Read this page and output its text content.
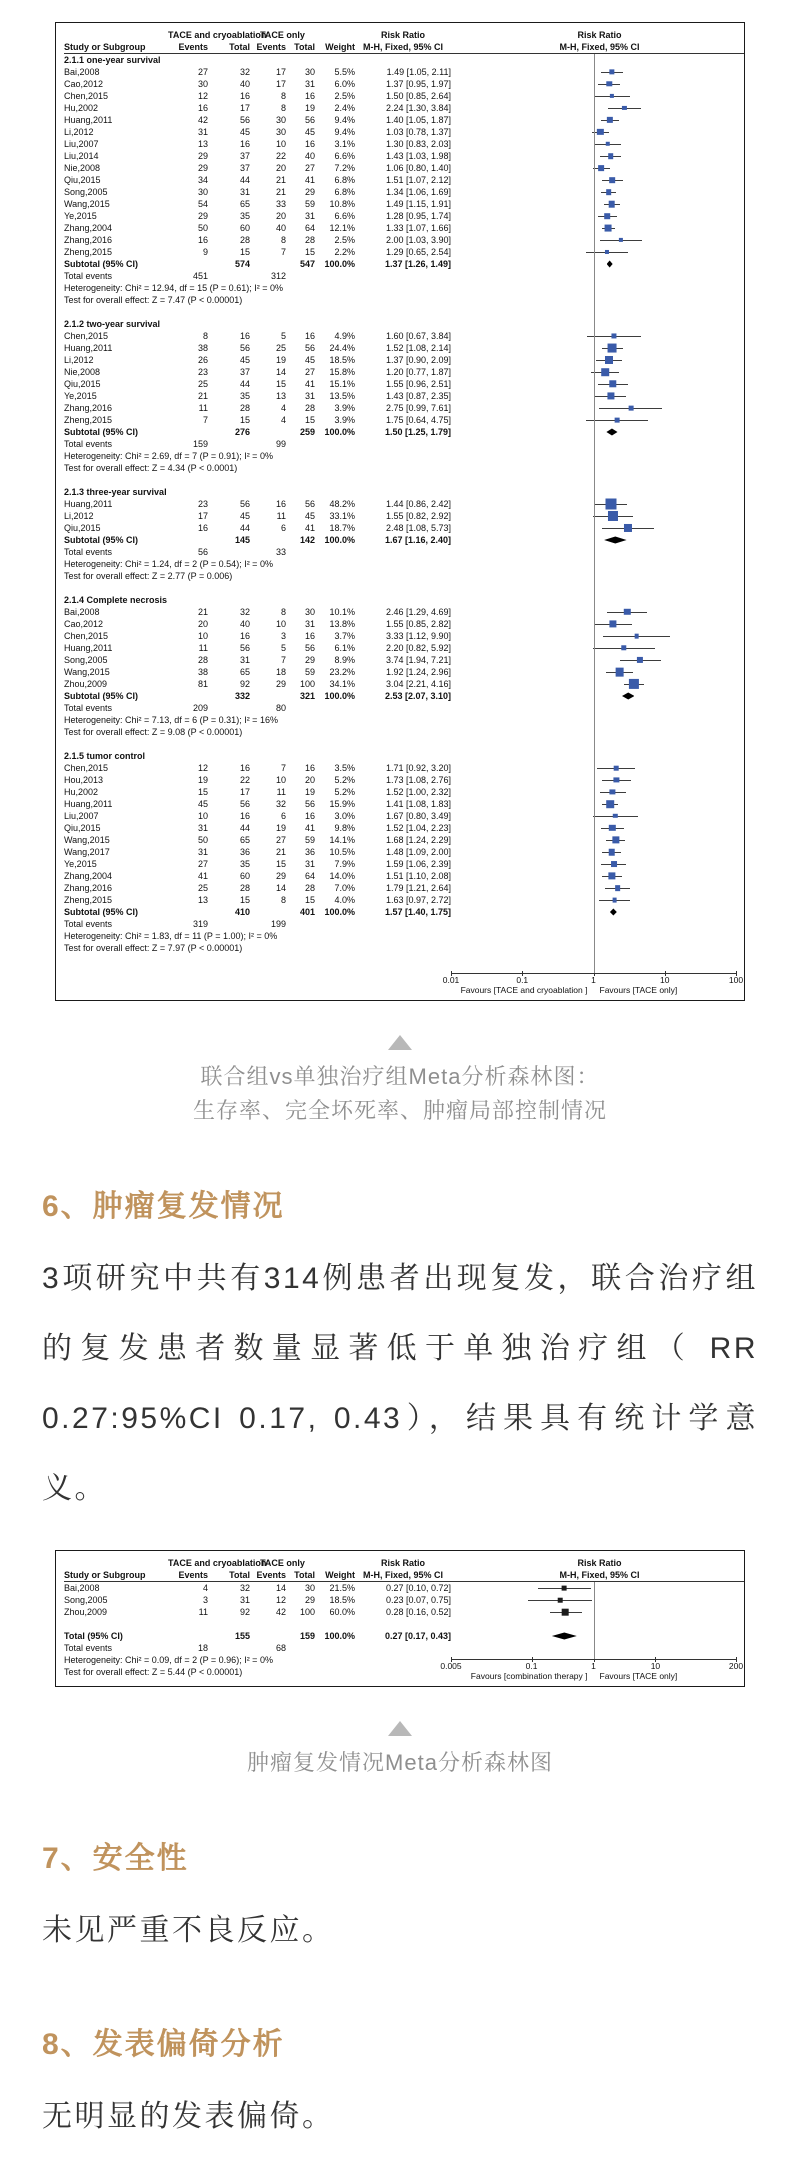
TACE and cryoablation
TACE only	Risk Ratio	Risk Ratio
Study or Subgroup	Events	Total Events Total	Weight M-H, Fixed, 95% CI	M-H, Fixed, 95% CI
2.1.1 one-year survival
Bai,2008	27	32	17	30	5.5%	1.49 [1.05, 2.11]
Cao,2012	30	40	17	31	6.0%	1.37 [0.95, 1.97]
Chen,2015	12	16	8	16	2.5%	1.50 [0.85, 2.64]
Hu,2002	16	17	8	19	2.4%	2.24 [1.30, 3.84]
Huang,2011	42	56	30	56	9.4%	1.40 [1.05, 1.87]
Li,2012	31	45	30	45	9.4%	1.03 [0.78, 1.37]
Liu,2007	13	16	10	16	3.1%	1.30 [0.83, 2.03]
Liu,2014	29	37	22	40	6.6%	1.43 [1.03, 1.98]
Nie,2008	29	37	20	27	7.2%	1.06 [0.80, 1.40]
Qiu,2015	34	44	21	41	6.8%	1.51 [1.07, 2.12]
Song,2005	30	31	21	29	6.8%	1.34 [1.06, 1.69]
Wang,2015	54	65	33	59	10.8%	1.49 [1.15, 1.91]
Ye,2015	29	35	20	31	6.6%	1.28 [0.95, 1.74]
Zhang,2004	50	60	40	64	12.1%	1.33 [1.07, 1.66]
Zhang,2016	16	28	8	28	2.5%	2.00 [1.03, 3.90]
Zheng,2015	9	15	7	15	2.2%	1.29 [0.65, 2.54]
Subtotal (95% CI)	574	547	100.0%	1.37 [1.26, 1.49]
Total events	451	312
Heterogeneity: Chi² = 12.94, df = 15 (P = 0.61); I² = 0%
Test for overall effect: Z = 7.47 (P < 0.00001)
2.1.2 two-year survival
Chen,2015	8	16	5	16	4.9%	1.60 [0.67, 3.84]
Huang,2011	38	56	25	56	24.4%	1.52 [1.08, 2.14]
Li,2012	26	45	19	45	18.5%	1.37 [0.90, 2.09]
Nie,2008	23	37	14	27	15.8%	1.20 [0.77, 1.87]
Qiu,2015	25	44	15	41	15.1%	1.55 [0.96, 2.51]
Ye,2015	21	35	13	31	13.5%	1.43 [0.87, 2.35]
Zhang,2016	11	28	4	28	3.9%	2.75 [0.99, 7.61]
Zheng,2015	7	15	4	15	3.9%	1.75 [0.64, 4.75]
Subtotal (95% CI)	276	259	100.0%	1.50 [1.25, 1.79]
Total events	159	99
Heterogeneity: Chi² = 2.69, df = 7 (P = 0.91); I² = 0%
Test for overall effect: Z = 4.34 (P < 0.0001)
2.1.3 three-year survival
Huang,2011	23	56	16	56	48.2%	1.44 [0.86, 2.42]
Li,2012	17	45	11	45	33.1%	1.55 [0.82, 2.92]
Qiu,2015	16	44	6	41	18.7%	2.48 [1.08, 5.73]
Subtotal (95% CI)	145	142	100.0%	1.67 [1.16, 2.40]
Total events	56	33
Heterogeneity: Chi² = 1.24, df = 2 (P = 0.54); I² = 0%
Test for overall effect: Z = 2.77 (P = 0.006)
2.1.4 Complete necrosis
Bai,2008	21	32	8	30	10.1%	2.46 [1.29, 4.69]
Cao,2012	20	40	10	31	13.8%	1.55 [0.85, 2.82]
Chen,2015	10	16	3	16	3.7%	3.33 [1.12, 9.90]
Huang,2011	11	56	5	56	6.1%	2.20 [0.82, 5.92]
Song,2005	28	31	7	29	8.9%	3.74 [1.94, 7.21]
Wang,2015	38	65	18	59	23.2%	1.92 [1.24, 2.96]
Zhou,2009	81	92	29	100	34.1%	3.04 [2.21, 4.16]
Subtotal (95% CI)	332	321	100.0%	2.53 [2.07, 3.10]
Total events	209	80
Heterogeneity: Chi² = 7.13, df = 6 (P = 0.31); I² = 16%
Test for overall effect: Z = 9.08 (P < 0.00001)
2.1.5 tumor control
Chen,2015	12	16	7	16	3.5%	1.71 [0.92, 3.20]
Hou,2013	19	22	10	20	5.2%	1.73 [1.08, 2.76]
Hu,2002	15	17	11	19	5.2%	1.52 [1.00, 2.32]
Huang,2011	45	56	32	56	15.9%	1.41 [1.08, 1.83]
Liu,2007	10	16	6	16	3.0%	1.67 [0.80, 3.49]
Qiu,2015	31	44	19	41	9.8%	1.52 [1.04, 2.23]
Wang,2015	50	65	27	59	14.1%	1.68 [1.24, 2.29]
Wang,2017	31	36	21	36	10.5%	1.48 [1.09, 2.00]
Ye,2015	27	35	15	31	7.9%	1.59 [1.06, 2.39]
Zhang,2004	41	60	29	64	14.0%	1.51 [1.10, 2.08]
Zhang,2016	25	28	14	28	7.0%	1.79 [1.21, 2.64]
Zheng,2015	13	15	8	15	4.0%	1.63 [0.97, 2.72]
Subtotal (95% CI)	410	401	100.0%	1.57 [1.40, 1.75]
Total events	319	199
Heterogeneity: Chi² = 1.83, df = 11 (P = 1.00); I² = 0%
Test for overall effect: Z = 7.97 (P < 0.00001)
0.01	0.1	1	10	100
Favours [TACE and cryoablation ] Favours [TACE only]
联合组vs单独治疗组Meta分析森林图：
生存率、完全坏死率、肿瘤局部控制情况
6、肿瘤复发情况

3项研究中共有314例患者出现复发，联合治疗组的复发患者数量显著低于单独治疗组（ RR 0.27:95%CI 0.17, 0.43），结果具有统计学意义。

TACE and cryoablation
TACE only	Risk Ratio	Risk Ratio
Study or Subgroup	Events	Total Events Total	Weight M-H, Fixed, 95% CI	M-H, Fixed, 95% CI
Bai,2008	4	32	14	30	21.5%	0.27 [0.10, 0.72]
Song,2005	3	31	12	29	18.5%	0.23 [0.07, 0.75]
Zhou,2009	11	92	42	100	60.0%	0.28 [0.16, 0.52]
Total (95% CI)	155	159	100.0%	0.27 [0.17, 0.43]
Total events	18	68
Heterogeneity: Chi² = 0.09, df = 2 (P = 0.96); I² = 0%
Test for overall effect: Z = 5.44 (P < 0.00001)
0.005	0.1	1	10	200
Favours [combination therapy ] Favours [TACE only]
肿瘤复发情况Meta分析森林图
7、安全性

未见严重不良反应。

8、发表偏倚分析

无明显的发表偏倚。
